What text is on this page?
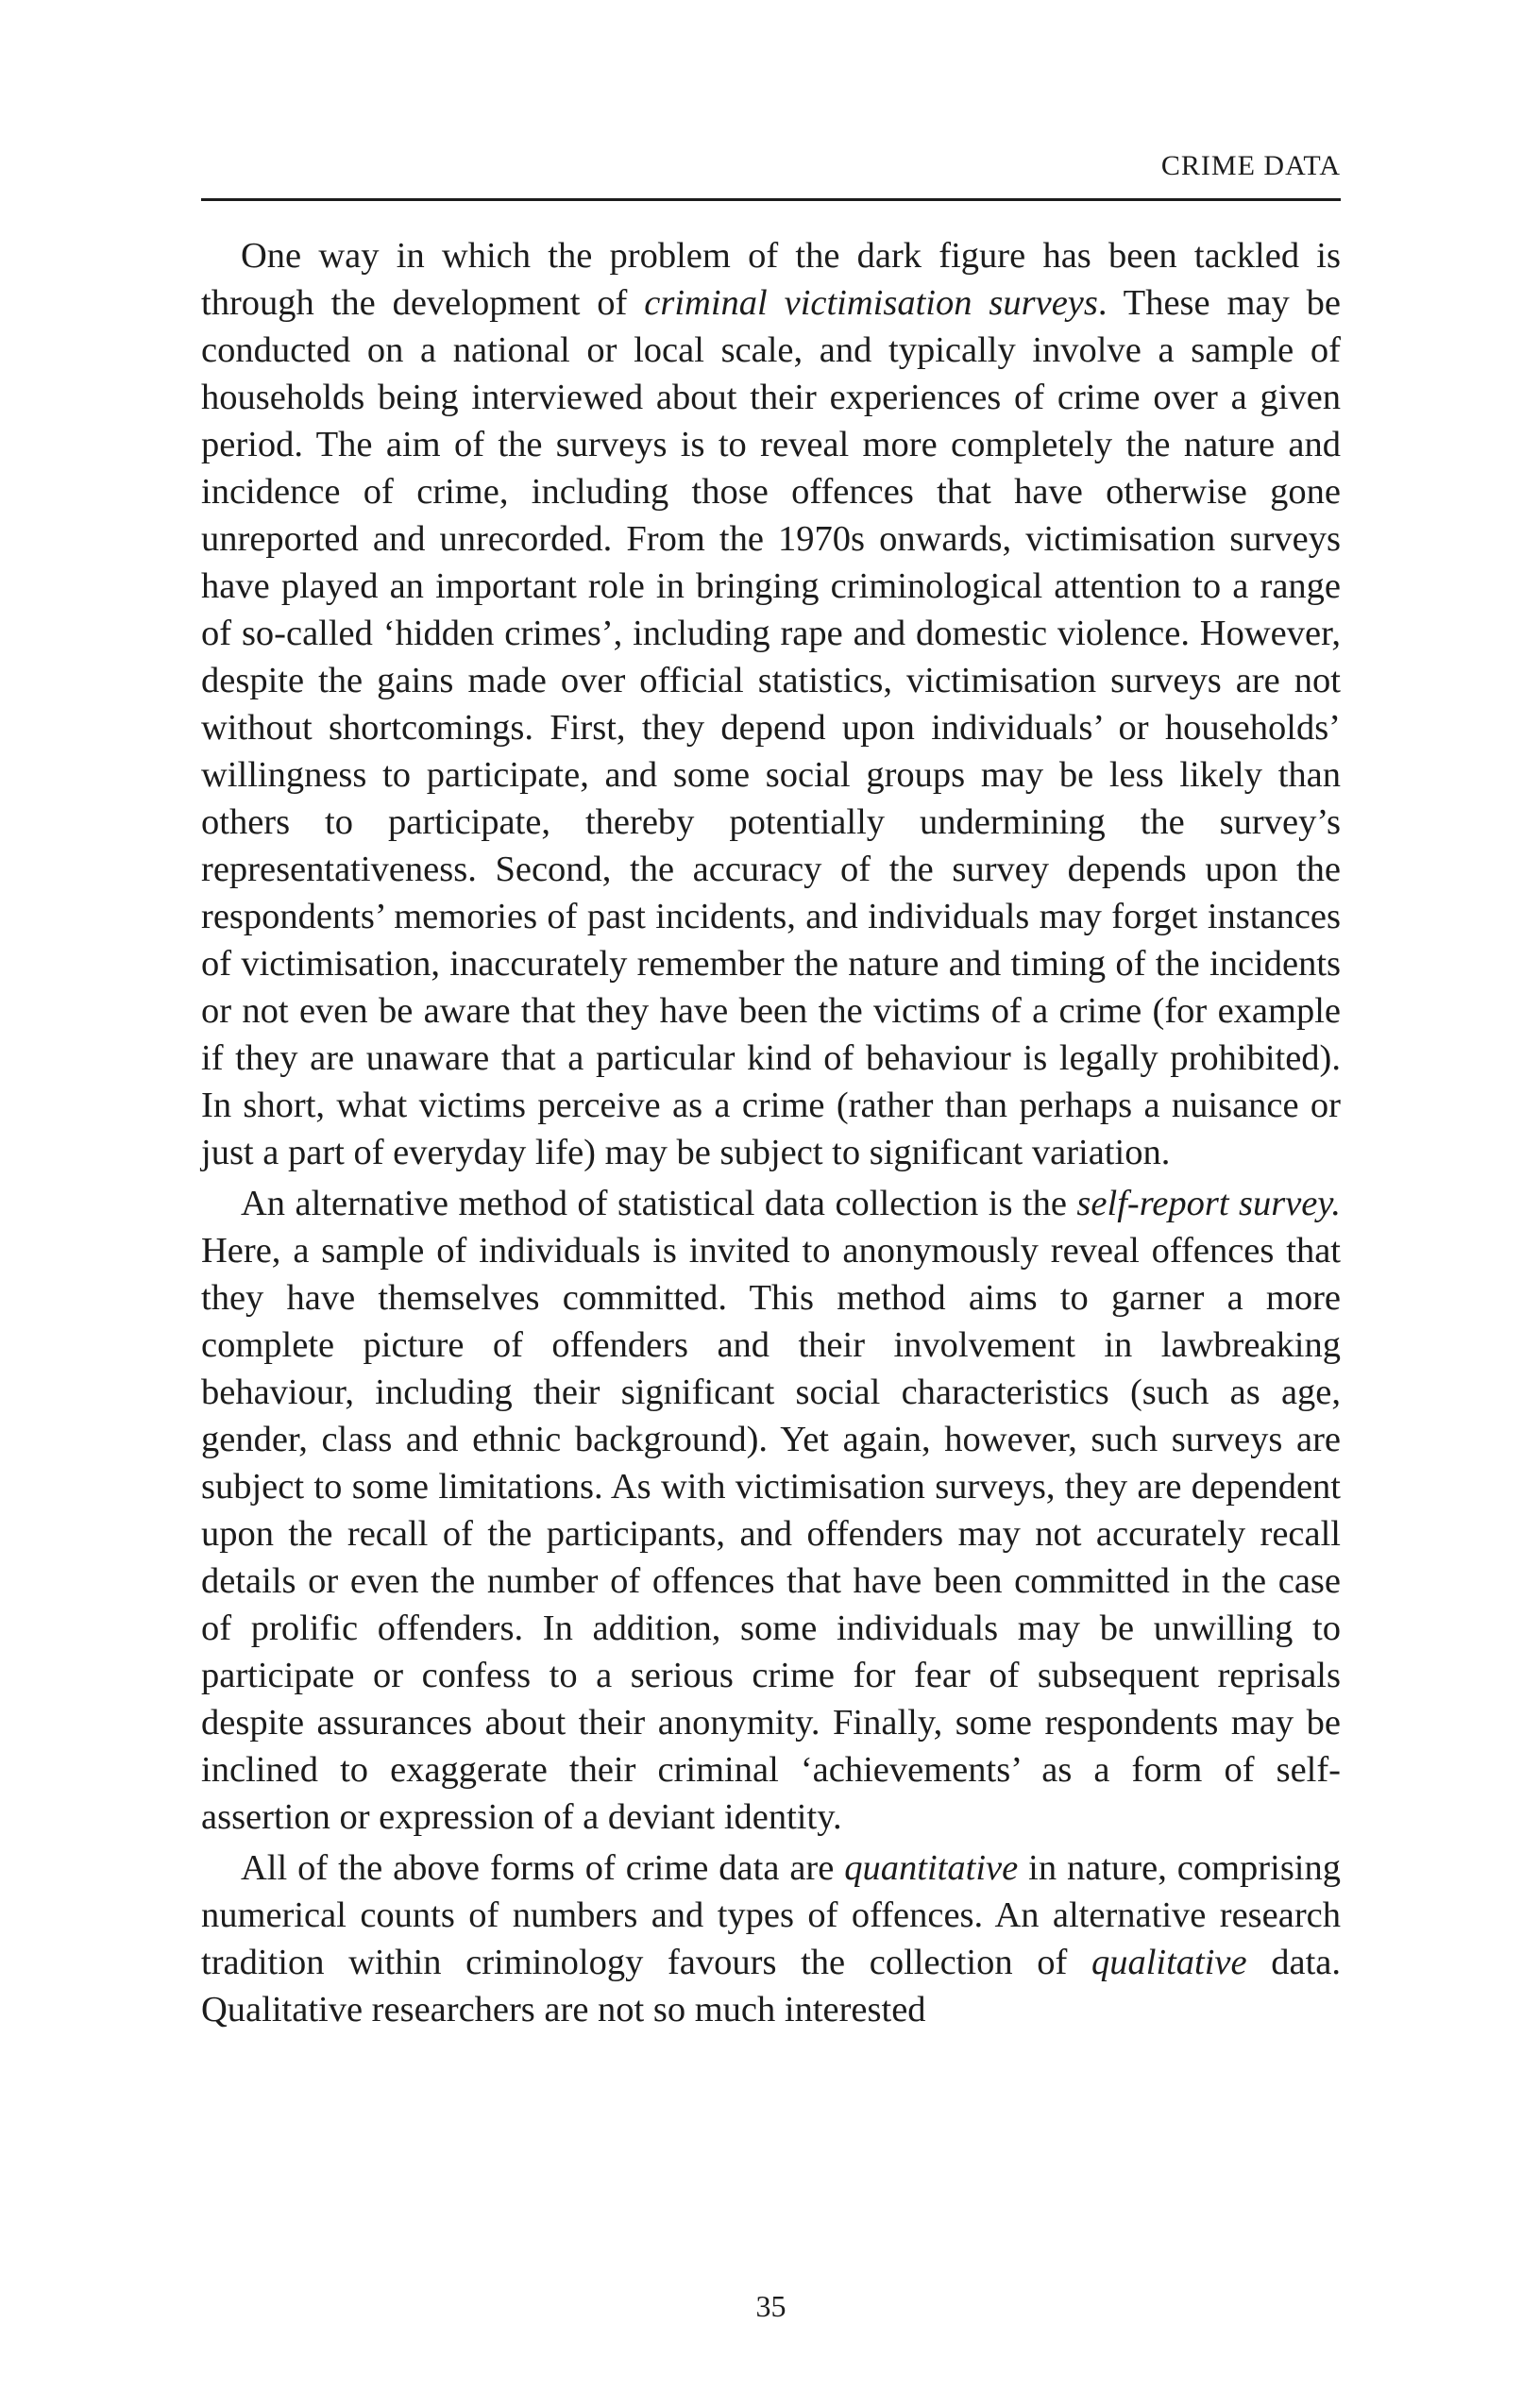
CRIME DATA

One way in which the problem of the dark figure has been tackled is through the development of criminal victimisation surveys. These may be conducted on a national or local scale, and typically involve a sample of households being interviewed about their experiences of crime over a given period. The aim of the surveys is to reveal more completely the nature and incidence of crime, including those offences that have otherwise gone unreported and unrecorded. From the 1970s onwards, victimisation surveys have played an important role in bringing criminological attention to a range of so-called ‘hidden crimes’, including rape and domestic violence. However, despite the gains made over official statistics, victimisation surveys are not without shortcomings. First, they depend upon individuals’ or households’ willingness to participate, and some social groups may be less likely than others to participate, thereby potentially undermining the survey’s representativeness. Second, the accuracy of the survey depends upon the respondents’ memories of past incidents, and individuals may forget instances of victimisation, inaccurately remember the nature and timing of the incidents or not even be aware that they have been the victims of a crime (for example if they are unaware that a particular kind of behaviour is legally prohibited). In short, what victims perceive as a crime (rather than perhaps a nuisance or just a part of everyday life) may be subject to significant variation.

An alternative method of statistical data collection is the self-report survey. Here, a sample of individuals is invited to anonymously reveal offences that they have themselves committed. This method aims to garner a more complete picture of offenders and their involvement in lawbreaking behaviour, including their significant social characteristics (such as age, gender, class and ethnic background). Yet again, however, such surveys are subject to some limitations. As with victimisation surveys, they are dependent upon the recall of the participants, and offenders may not accurately recall details or even the number of offences that have been committed in the case of prolific offenders. In addition, some individuals may be unwilling to participate or confess to a serious crime for fear of subsequent reprisals despite assurances about their anonymity. Finally, some respondents may be inclined to exaggerate their criminal ‘achievements’ as a form of self-assertion or expression of a deviant identity.

All of the above forms of crime data are quantitative in nature, comprising numerical counts of numbers and types of offences. An alternative research tradition within criminology favours the collection of qualitative data. Qualitative researchers are not so much interested

35
